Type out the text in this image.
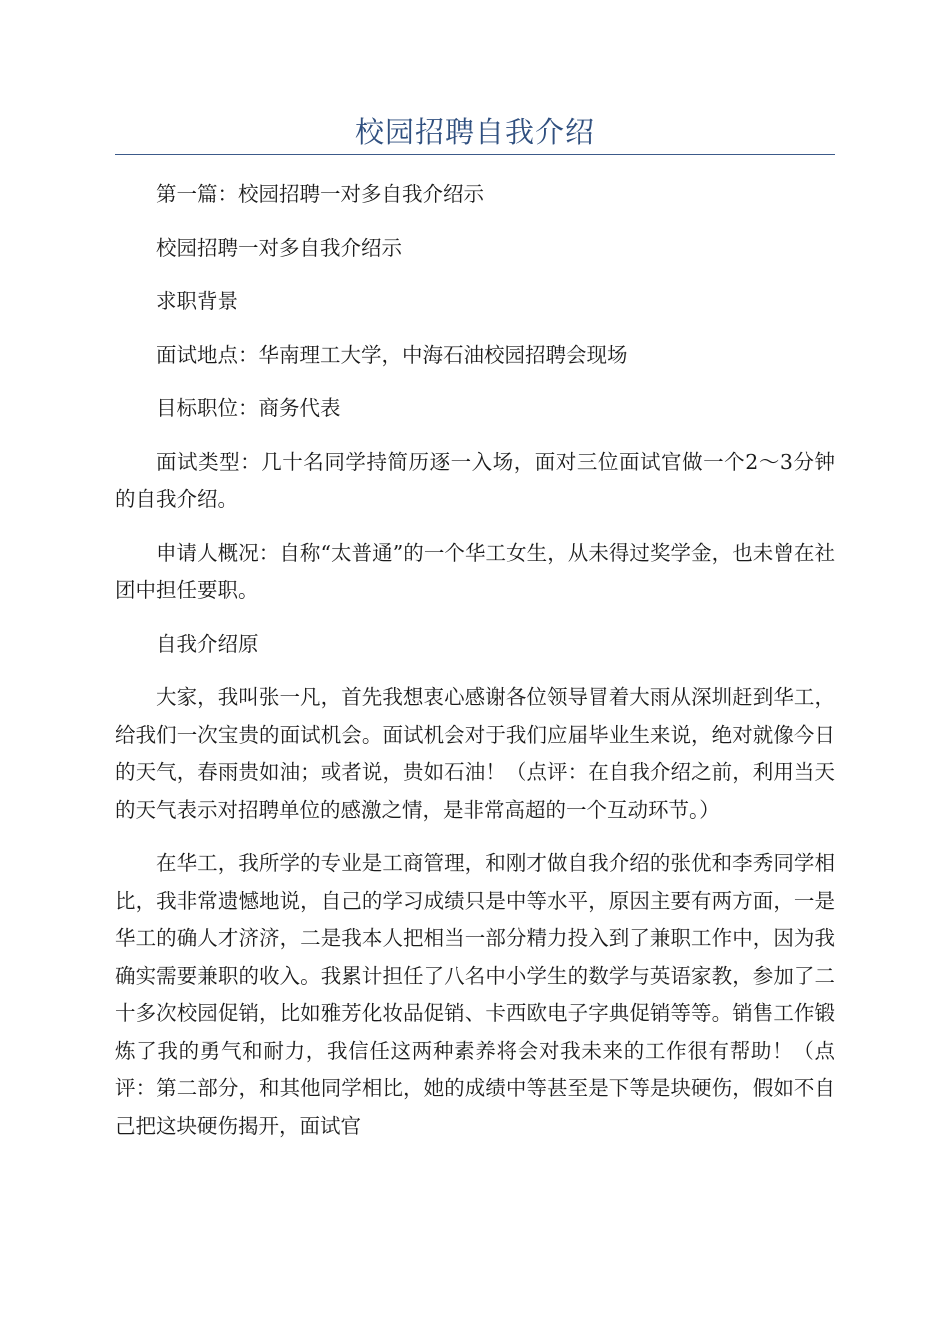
校园招聘自我介绍

第一篇：校园招聘一对多自我介绍示

校园招聘一对多自我介绍示

求职背景

面试地点：华南理工大学，中海石油校园招聘会现场

目标职位：商务代表

面试类型：几十名同学持简历逐一入场，面对三位面试官做一个2～3分钟的自我介绍。

申请人概况：自称“太普通”的一个华工女生，从未得过奖学金，也未曾在社团中担任要职。

自我介绍原

大家，我叫张一凡，首先我想衷心感谢各位领导冒着大雨从深圳赶到华工，给我们一次宝贵的面试机会。面试机会对于我们应届毕业生来说，绝对就像今日的天气，春雨贵如油；或者说，贵如石油！（点评：在自我介绍之前，利用当天的天气表示对招聘单位的感激之情，是非常高超的一个互动环节。）

在华工，我所学的专业是工商管理，和刚才做自我介绍的张优和李秀同学相比，我非常遗憾地说，自己的学习成绩只是中等水平，原因主要有两方面，一是华工的确人才济济，二是我本人把相当一部分精力投入到了兼职工作中，因为我确实需要兼职的收入。我累计担任了八名中小学生的数学与英语家教，参加了二十多次校园促销，比如雅芳化妆品促销、卡西欧电子字典促销等等。销售工作锻炼了我的勇气和耐力，我信任这两种素养将会对我未来的工作很有帮助！（点评：第二部分，和其他同学相比，她的成绩中等甚至是下等是块硬伤，假如不自己把这块硬伤揭开，面试官
